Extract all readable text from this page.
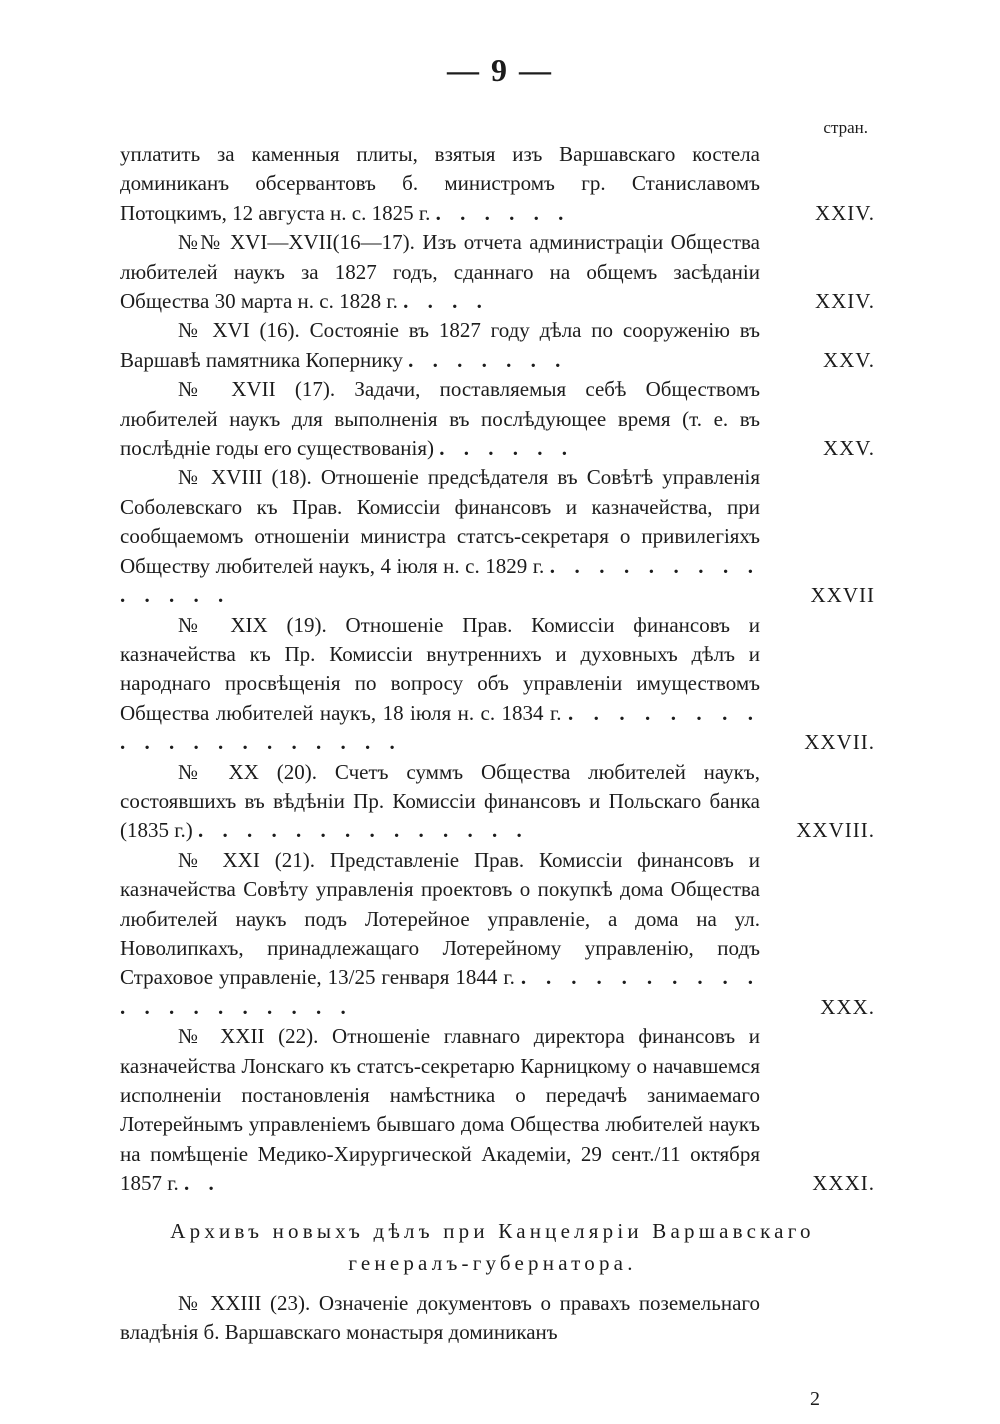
— 9 —
стран.
уплатить за каменныя плиты, взятыя изъ Варшавскаго костела доминиканъ обсервантовъ б. министромъ гр. Станиславомъ Потоцкимъ, 12 августа н. с. 1825 г. . . . . . .	XXIV.
№№ XVI—XVII(16—17). Изъ отчета администраціи Общества любителей наукъ за 1827 годъ, сданнаго на общемъ засѣданіи Общества 30 марта н. с. 1828 г. . . . .	XXIV.
№ XVI (16). Состояніе въ 1827 году дѣла по сооруженію въ Варшавѣ памятника Копернику . . . . . . .	XXV.
№ XVII (17). Задачи, поставляемыя себѣ Обществомъ любителей наукъ для выполненія въ послѣдующее время (т. е. въ послѣдніе годы его существованія) . . . . . .	XXV.
№ XVIII (18). Отношеніе предсѣдателя въ Совѣтѣ управленія Соболевскаго къ Прав. Комиссіи финансовъ и казначейства, при сообщаемомъ отношеніи министра статсъ-секретаря о привилегіяхъ Обществу любителей наукъ, 4 іюля н. с. 1829 г. . . . . . . . . . . . . . .	XXVII
№ XIX (19). Отношеніе Прав. Комиссіи финансовъ и казначейства къ Пр. Комиссіи внутреннихъ и духовныхъ дѣлъ и народнаго просвѣщенія по вопросу объ управленіи имуществомъ Общества любителей наукъ, 18 іюля н. с. 1834 г. . . . . . . . . . . . . . . . . . . . .	XXVII.
№ XX (20). Счетъ суммъ Общества любителей наукъ, состоявшихъ въ вѣдѣніи Пр. Комиссіи финансовъ и Польскаго банка (1835 г.) . . . . . . . . . . . . . .	XXVIII.
№ XXI (21). Представленіе Прав. Комиссіи финансовъ и казначейства Совѣту управленія проектовъ о покупкѣ дома Общества любителей наукъ подъ Лотерейное управленіе, а дома на ул. Новолипкахъ, принадлежащаго Лотерейному управленію, подъ Страховое управленіе, 13/25 генваря 1844 г. . . . . . . . . . . . . . . . . . . . .	XXX.
№ XXII (22). Отношеніе главнаго директора финансовъ и казначейства Лонскаго къ статсъ-секретарю Карницкому о начавшемся исполненіи постановленія намѣстника о передачѣ занимаемаго Лотерейнымъ управленіемъ бывшаго дома Общества любителей наукъ на помѣщеніе Медико-Хирургической Академіи, 29 сент./11 октября 1857 г. . .	XXXI.
Архивъ новыхъ дѣлъ при Канцеляріи Варшавскаго генералъ-губернатора.
№ XXIII (23). Означеніе документовъ о правахъ поземельнаго владѣнія б. Варшавскаго монастыря доминиканъ
2
